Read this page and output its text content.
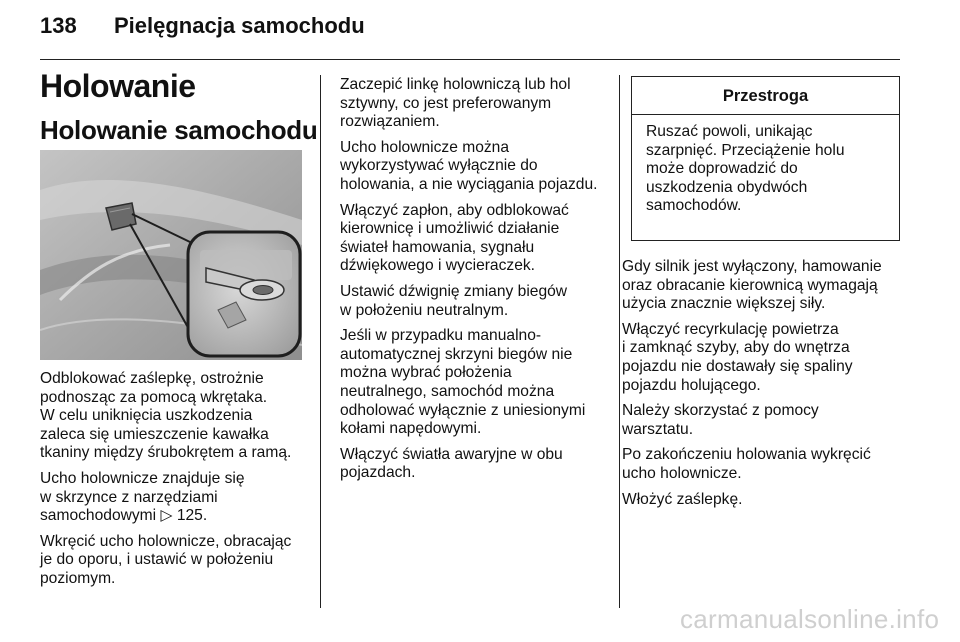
138 Pielęgnacja samochodu
Holowanie
Holowanie samochodu

Odblokować zaślepkę, ostrożnie
podnosząc za pomocą wkrętaka.
W celu uniknięcia uszkodzenia
zaleca się umieszczenie kawałka
tkaniny między śrubokrętem a ramą.

Ucho holownicze znajduje się
w skrzynce z narzędziami
samochodowymi ▷ 125.

Wkręcić ucho holownicze, obracając
je do oporu, i ustawić w położeniu
poziomym.

Zaczepić linkę holowniczą lub hol
sztywny, co jest preferowanym
rozwiązaniem.

Ucho holownicze można
wykorzystywać wyłącznie do
holowania, a nie wyciągania pojazdu.

Włączyć zapłon, aby odblokować
kierownicę i umożliwić działanie
świateł hamowania, sygnału
dźwiękowego i wycieraczek.

Ustawić dźwignię zmiany biegów
w położeniu neutralnym.

Jeśli w przypadku manualno-
automatycznej skrzyni biegów nie
można wybrać położenia
neutralnego, samochód można
odholować wyłącznie z uniesionymi
kołami napędowymi.

Włączyć światła awaryjne w obu
pojazdach.

Przestroga
Ruszać powoli, unikając
szarpnięć. Przeciążenie holu
może doprowadzić do
uszkodzenia obydwóch
samochodów.

Gdy silnik jest wyłączony, hamowanie
oraz obracanie kierownicą wymagają
użycia znacznie większej siły.

Włączyć recyrkulację powietrza
i zamknąć szyby, aby do wnętrza
pojazdu nie dostawały się spaliny
pojazdu holującego.

Należy skorzystać z pomocy
warsztatu.

Po zakończeniu holowania wykręcić
ucho holownicze.

Włożyć zaślepkę.

carmanualsonline.info
